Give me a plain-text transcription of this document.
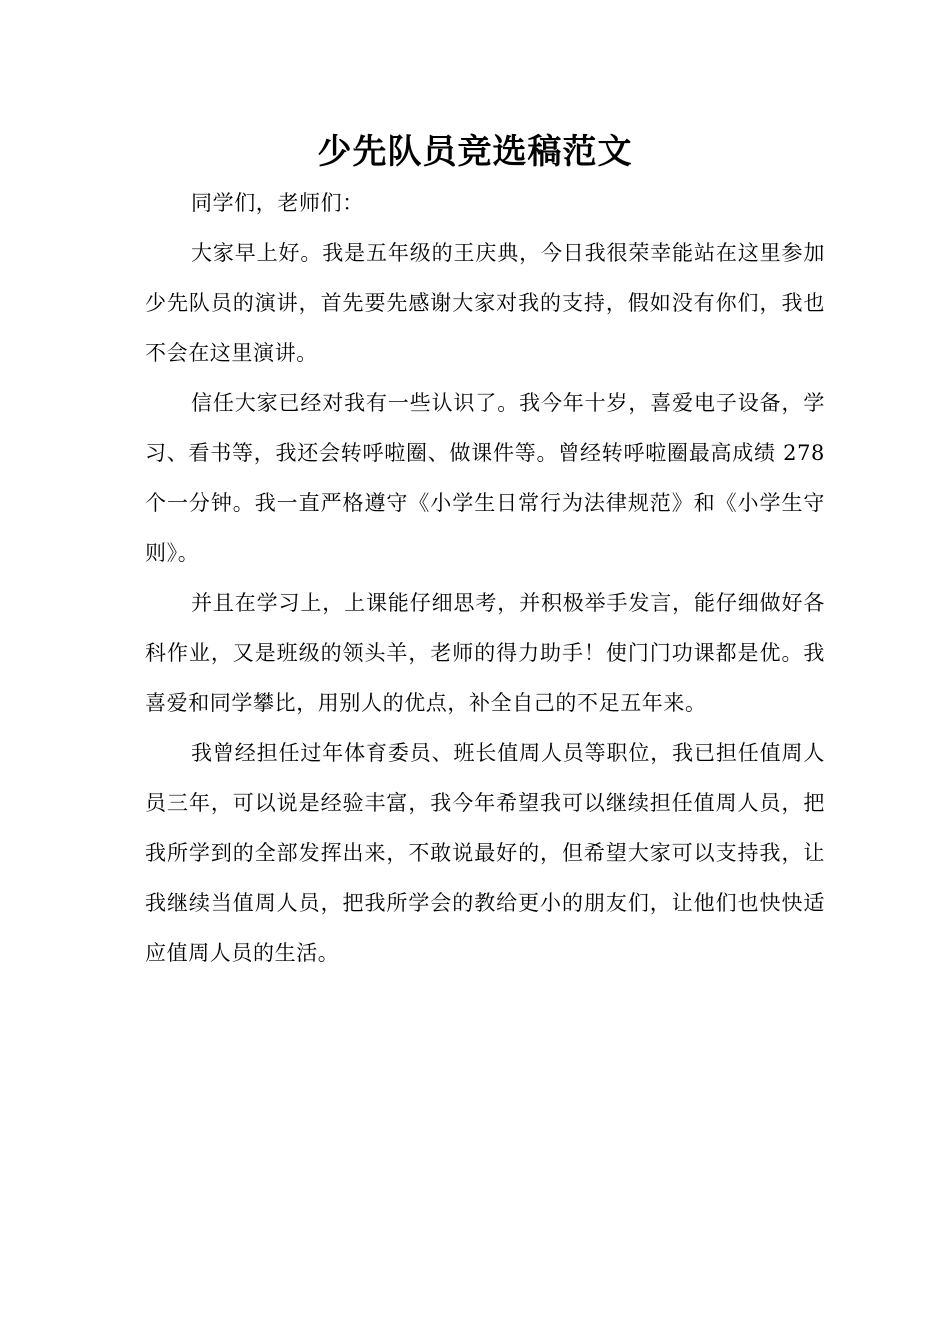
少先队员竞选稿范文

同学们，老师们：

大家早上好。我是五年级的王庆典，今日我很荣幸能站在这里参加少先队员的演讲，首先要先感谢大家对我的支持，假如没有你们，我也不会在这里演讲。

信任大家已经对我有一些认识了。我今年十岁，喜爱电子设备，学习、看书等，我还会转呼啦圈、做课件等。曾经转呼啦圈最高成绩 278 个一分钟。我一直严格遵守《小学生日常行为法律规范》和《小学生守则》。

并且在学习上，上课能仔细思考，并积极举手发言，能仔细做好各科作业，又是班级的领头羊，老师的得力助手！使门门功课都是优。我喜爱和同学攀比，用别人的优点，补全自己的不足五年来。

我曾经担任过年体育委员、班长值周人员等职位，我已担任值周人员三年，可以说是经验丰富，我今年希望我可以继续担任值周人员，把我所学到的全部发挥出来，不敢说最好的，但希望大家可以支持我，让我继续当值周人员，把我所学会的教给更小的朋友们，让他们也快快适应值周人员的生活。
